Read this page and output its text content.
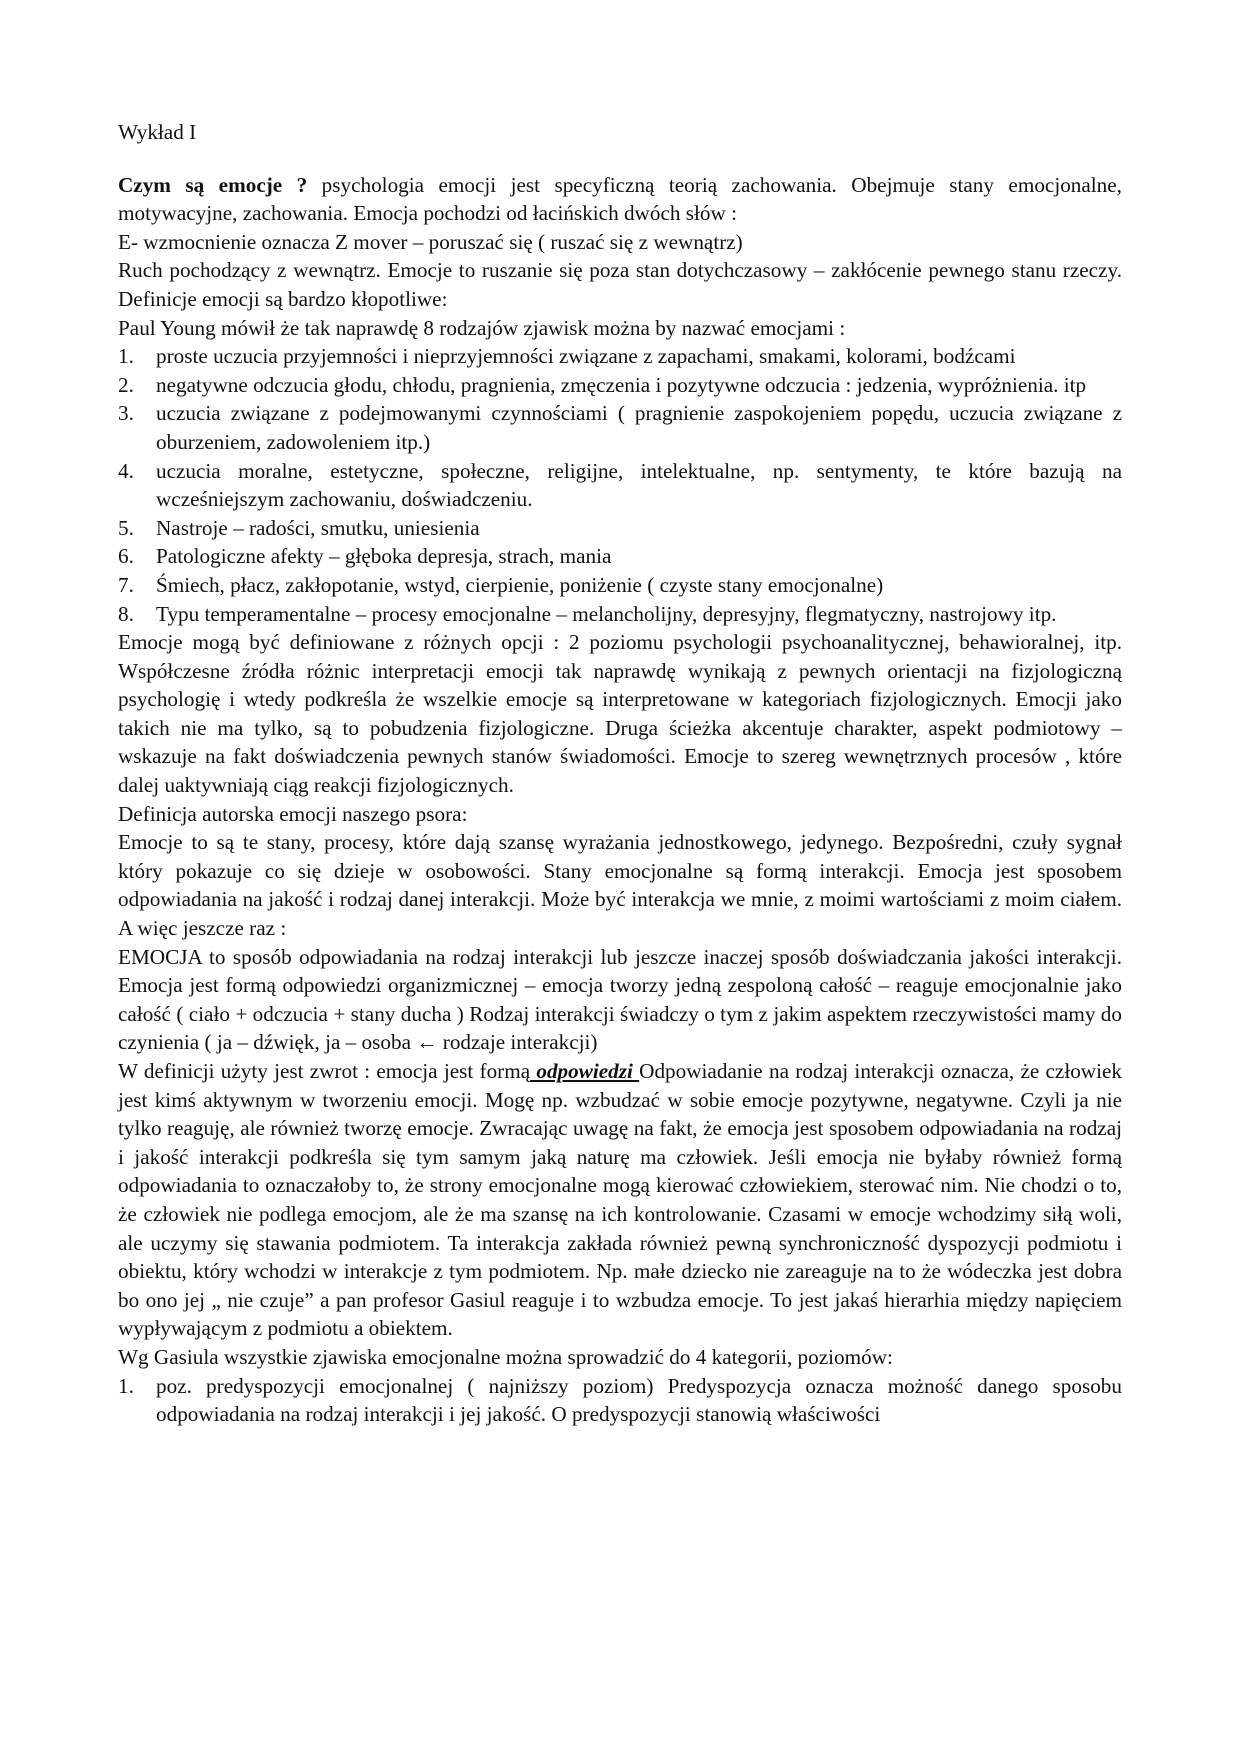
Wykład I

Czym są emocje ? psychologia emocji jest specyficzną teorią zachowania. Obejmuje stany emocjonalne, motywacyjne, zachowania. Emocja pochodzi od łacińskich dwóch słów :

E- wzmocnienie oznacza Z mover – poruszać się ( ruszać się z wewnątrz)

Ruch pochodzący z wewnątrz. Emocje to ruszanie się poza stan dotychczasowy – zakłócenie pewnego stanu rzeczy. Definicje emocji są bardzo kłopotliwe:

Paul Young mówił że tak naprawdę 8 rodzajów zjawisk można by nazwać emocjami :

1. proste uczucia przyjemności i nieprzyjemności związane z zapachami, smakami, kolorami, bodźcami
2. negatywne odczucia głodu, chłodu, pragnienia, zmęczenia i pozytywne odczucia : jedzenia, wypróżnienia. itp
3. uczucia związane z podejmowanymi czynnościami ( pragnienie zaspokojeniem popędu, uczucia związane z oburzeniem, zadowoleniem itp.)
4. uczucia moralne, estetyczne, społeczne, religijne, intelektualne, np. sentymenty, te które bazują na wcześniejszym zachowaniu, doświadczeniu.
5. Nastroje – radości, smutku, uniesienia
6. Patologiczne afekty – głęboka depresja, strach, mania
7. Śmiech, płacz, zakłopotanie, wstyd, cierpienie, poniżenie ( czyste stany emocjonalne)
8. Typu temperamentalne – procesy emocjonalne – melancholijny, depresyjny, flegmatyczny, nastrojowy itp.

Emocje mogą być definiowane z różnych opcji : 2 poziomu psychologii psychoanalitycznej, behawioralnej, itp. Współczesne źródła różnic interpretacji emocji tak naprawdę wynikają z pewnych orientacji na fizjologiczną psychologię i wtedy podkreśla że wszelkie emocje są interpretowane w kategoriach fizjologicznych. Emocji jako takich nie ma tylko, są to pobudzenia fizjologiczne. Druga ścieżka akcentuje charakter, aspekt podmiotowy – wskazuje na fakt doświadczenia pewnych stanów świadomości. Emocje to szereg wewnętrznych procesów , które dalej uaktywniają ciąg reakcji fizjologicznych.

Definicja autorska emocji naszego psora:

Emocje to są te stany, procesy, które dają szansę wyrażania jednostkowego, jedynego. Bezpośredni, czuły sygnał który pokazuje co się dzieje w osobowości. Stany emocjonalne są formą interakcji. Emocja jest sposobem odpowiadania na jakość i rodzaj danej interakcji. Może być interakcja we mnie, z moimi wartościami z moim ciałem. A więc jeszcze raz :

EMOCJA to sposób odpowiadania na rodzaj interakcji lub jeszcze inaczej sposób doświadczania jakości interakcji. Emocja jest formą odpowiedzi organizmicznej – emocja tworzy jedną zespoloną całość – reaguje emocjonalnie jako całość ( ciało + odczucia + stany ducha ) Rodzaj interakcji świadczy o tym z jakim aspektem rzeczywistości mamy do czynienia ( ja – dźwięk, ja – osoba ← rodzaje interakcji)

W definicji użyty jest zwrot : emocja jest formą odpowiedzi Odpowiadanie na rodzaj interakcji oznacza, że człowiek jest kimś aktywnym w tworzeniu emocji. Mogę np. wzbudzać w sobie emocje pozytywne, negatywne. Czyli ja nie tylko reaguję, ale również tworzę emocje. Zwracając uwagę na fakt, że emocja jest sposobem odpowiadania na rodzaj i jakość interakcji podkreśla się tym samym jaką naturę ma człowiek. Jeśli emocja nie byłaby również formą odpowiadania to oznaczałoby to, że strony emocjonalne mogą kierować człowiekiem, sterować nim. Nie chodzi o to, że człowiek nie podlega emocjom, ale że ma szansę na ich kontrolowanie. Czasami w emocje wchodzimy siłą woli, ale uczymy się stawania podmiotem. Ta interakcja zakłada również pewną synchroniczność dyspozycji podmiotu i obiektu, który wchodzi w interakcje z tym podmiotem. Np. małe dziecko nie zareaguje na to że wódeczka jest dobra bo ono jej „ nie czuje” a pan profesor Gasiul reaguje i to wzbudza emocje. To jest jakaś hierarhia między napięciem wypływającym z podmiotu a obiektem.

Wg Gasiula wszystkie zjawiska emocjonalne można sprowadzić do 4 kategorii, poziomów:

1. poz. predyspozycji emocjonalnej ( najniższy poziom) Predyspozycja oznacza możność danego sposobu odpowiadania na rodzaj interakcji i jej jakość. O predyspozycji stanowią właściwości
